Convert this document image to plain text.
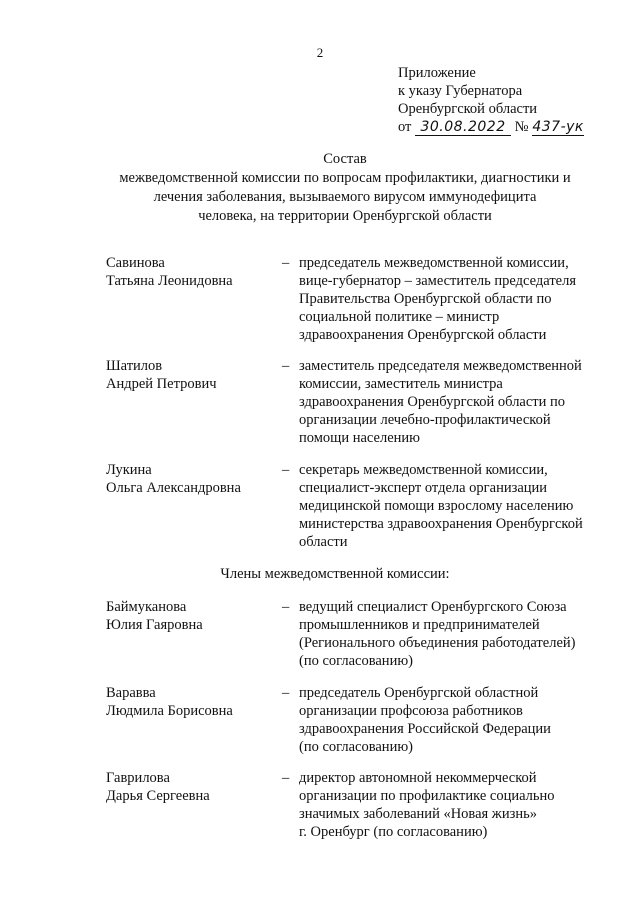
2
Приложение
к указу Губернатора
Оренбургской области
от 30.08.2022 № 437-ук
Состав
межведомственной комиссии по вопросам профилактики, диагностики и
лечения заболевания, вызываемого вирусом иммунодефицита
человека, на территории Оренбургской области
Савинова
Татьяна Леонидовна
– председатель межведомственной комиссии,
вице-губернатор – заместитель председателя
Правительства Оренбургской области по
социальной политике – министр
здравоохранения Оренбургской области
Шатилов
Андрей Петрович
– заместитель председателя межведомственной
комиссии, заместитель министра
здравоохранения Оренбургской области по
организации лечебно-профилактической
помощи населению
Лукина
Ольга Александровна
– секретарь межведомственной комиссии,
специалист-эксперт отдела организации
медицинской помощи взрослому населению
министерства здравоохранения Оренбургской
области
Члены межведомственной комиссии:
Баймуканова
Юлия Гаяровна
– ведущий специалист Оренбургского Союза
промышленников и предпринимателей
(Регионального объединения работодателей)
(по согласованию)
Варавва
Людмила Борисовна
– председатель Оренбургской областной
организации профсоюза работников
здравоохранения Российской Федерации
(по согласованию)
Гаврилова
Дарья Сергеевна
– директор автономной некоммерческой
организации по профилактике социально
значимых заболеваний «Новая жизнь»
г. Оренбург (по согласованию)
